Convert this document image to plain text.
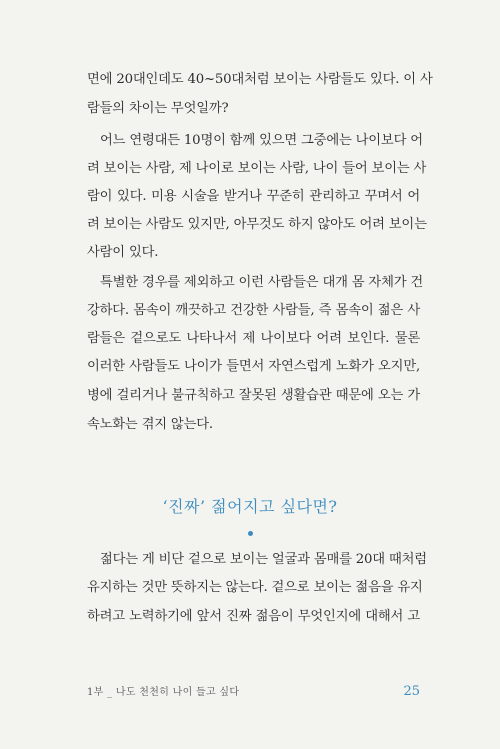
면에 20대인데도 40~50대처럼 보이는 사람들도 있다. 이 사
람들의 차이는 무엇일까?
어느 연령대든 10명이 함께 있으면 그중에는 나이보다 어
려 보이는 사람, 제 나이로 보이는 사람, 나이 들어 보이는 사
람이 있다. 미용 시술을 받거나 꾸준히 관리하고 꾸며서 어
려 보이는 사람도 있지만, 아무것도 하지 않아도 어려 보이는
사람이 있다.
특별한 경우를 제외하고 이런 사람들은 대개 몸 자체가 건
강하다. 몸속이 깨끗하고 건강한 사람들, 즉 몸속이 젊은 사
람들은 겉으로도 나타나서 제 나이보다 어려 보인다. 물론
이러한 사람들도 나이가 들면서 자연스럽게 노화가 오지만,
병에 걸리거나 불규칙하고 잘못된 생활습관 때문에 오는 가
속노화는 겪지 않는다.
‘진짜’ 젊어지고 싶다면?
젊다는 게 비단 겉으로 보이는 얼굴과 몸매를 20대 때처럼
유지하는 것만 뜻하지는 않는다. 겉으로 보이는 젊음을 유지
하려고 노력하기에 앞서 진짜 젊음이 무엇인지에 대해서 고
1부 _ 나도 천천히 나이 들고 싶다	25
